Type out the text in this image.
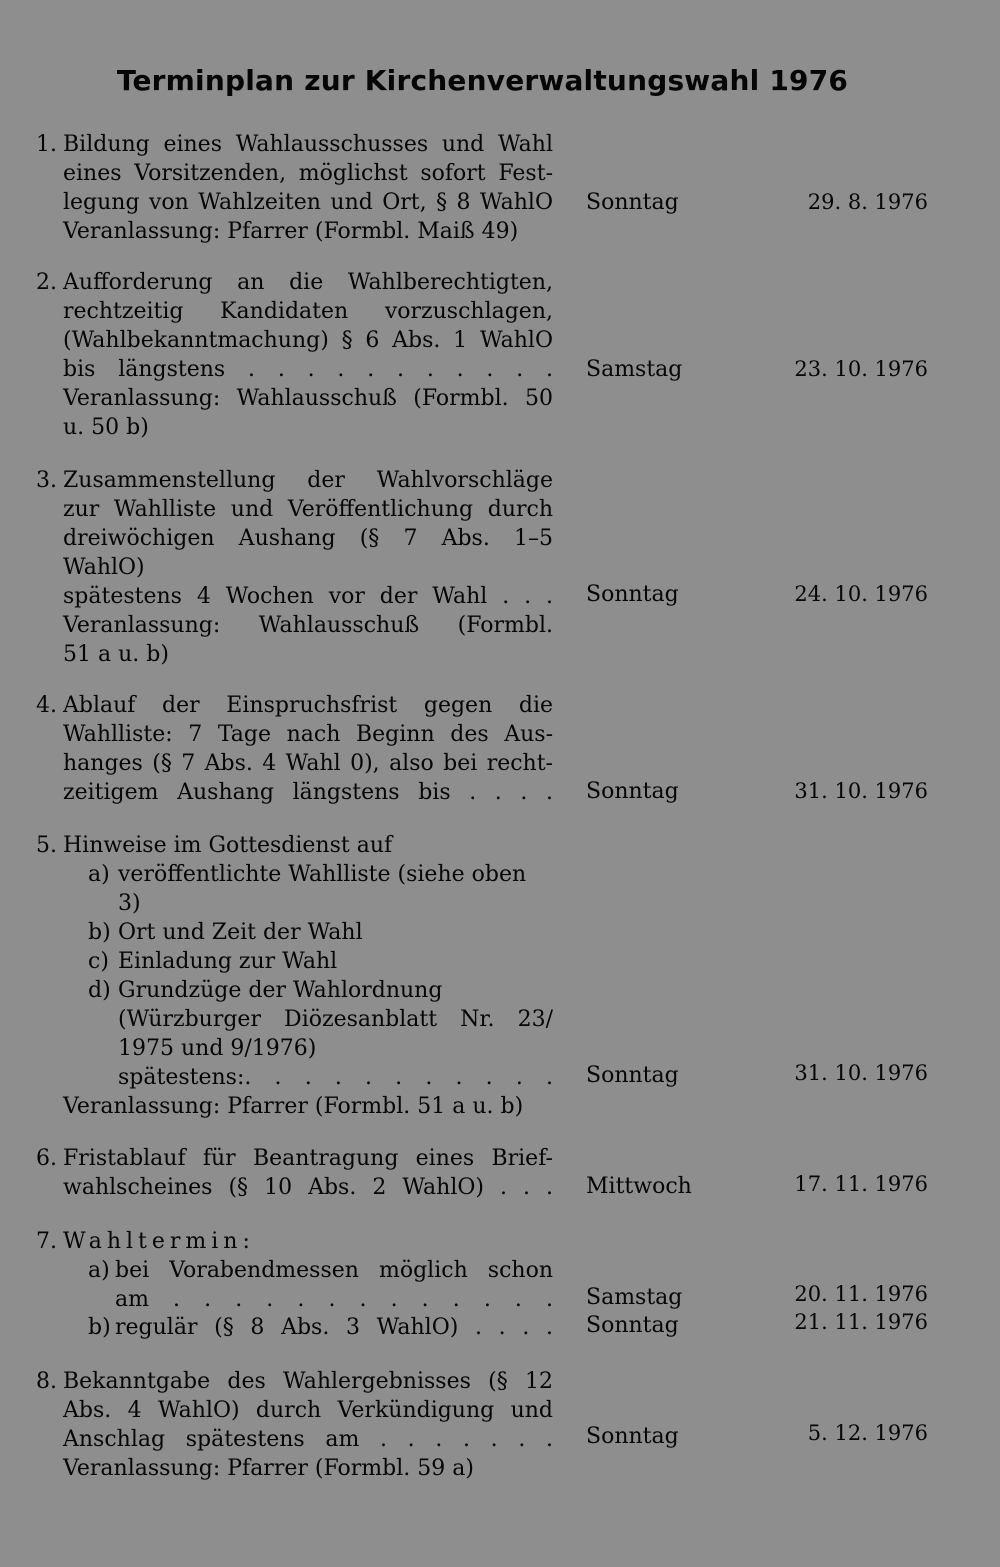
Terminplan zur Kirchenverwaltungswahl 1976
1. Bildung eines Wahlausschusses und Wahl
eines Vorsitzenden, möglichst sofort Fest-
legung von Wahlzeiten und Ort, § 8 WahlO
Veranlassung: Pfarrer (Formbl. Maiß 49)
Sonntag	29. 8. 1976
2. Aufforderung an die Wahlberechtigten,
rechtzeitig Kandidaten vorzuschlagen,
(Wahlbekanntmachung) § 6 Abs. 1 WahlO
bis längstens . . . . . . . . . . .
Veranlassung: Wahlausschuß (Formbl. 50
u. 50 b)
Samstag	23. 10. 1976
3. Zusammenstellung der Wahlvorschläge
zur Wahlliste und Veröffentlichung durch
dreiwöchigen Aushang (§ 7 Abs. 1–5
WahlO)
spätestens 4 Wochen vor der Wahl . . .
Veranlassung: Wahlausschuß (Formbl.
51 a u. b)
Sonntag	24. 10. 1976
4. Ablauf der Einspruchsfrist gegen die
Wahlliste: 7 Tage nach Beginn des Aus-
hanges (§ 7 Abs. 4 Wahl 0), also bei recht-
zeitigem Aushang längstens bis . . . . Sonntag	31. 10. 1976
5. Hinweise im Gottesdienst auf
a) veröffentlichte Wahlliste (siehe oben
3)
b) Ort und Zeit der Wahl
c) Einladung zur Wahl
d) Grundzüge der Wahlordnung
(Würzburger Diözesanblatt Nr. 23/
1975 und 9/1976)
spätestens:. . . . . . . . . . .
Veranlassung: Pfarrer (Formbl. 51 a u. b)
Sonntag	31. 10. 1976
6. Fristablauf für Beantragung eines Brief-
wahlscheines (§ 10 Abs. 2 WahlO) . . . Mittwoch	17. 11. 1976
7. Wahltermin:
a) bei Vorabendmessen möglich schon
am . . . . . . . . . . . . . Samstag	20. 11. 1976
b) regulär (§ 8 Abs. 3 WahlO) . . . . Sonntag	21. 11. 1976
8. Bekanntgabe des Wahlergebnisses (§ 12
Abs. 4 WahlO) durch Verkündigung und
Anschlag spätestens am . . . . . . .
Veranlassung: Pfarrer (Formbl. 59 a)
Sonntag	5. 12. 1976
